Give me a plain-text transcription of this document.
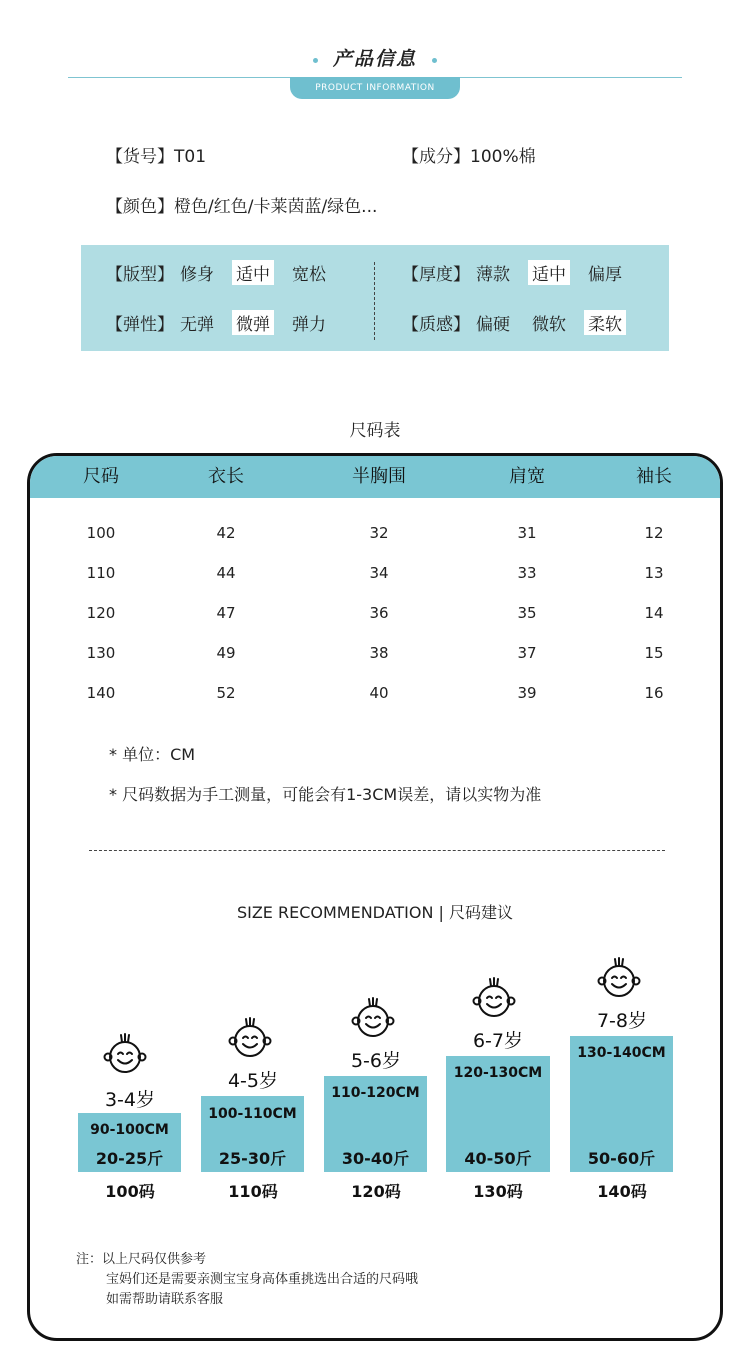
产品信息
PRODUCT INFORMATION
【货号】T01	【成分】100%棉
【颜色】橙色/红色/卡莱茵蓝/绿色...
【版型】 修身 适中 宽松	【厚度】 薄款 适中 偏厚
【弹性】 无弹 微弹 弹力	【质感】 偏硬 微软 柔软
尺码表
尺码	衣长	半胸围	肩宽	袖长
100	42	32	31	12
110	44	34	33	13
120	47	36	35	14
130	49	38	37	15
140	52	40	39	16
* 单位：CM
* 尺码数据为手工测量，可能会有1-3CM误差，请以实物为准
SIZE RECOMMENDATION | 尺码建议
3-4岁
90-100CM
20-25斤
100码
4-5岁
100-110CM
25-30斤
110码
5-6岁
110-120CM
30-40斤
120码
6-7岁
120-130CM
40-50斤
130码
7-8岁
130-140CM
50-60斤
140码
注：以上尺码仅供参考
宝妈们还是需要亲测宝宝身高体重挑选出合适的尺码哦
如需帮助请联系客服
